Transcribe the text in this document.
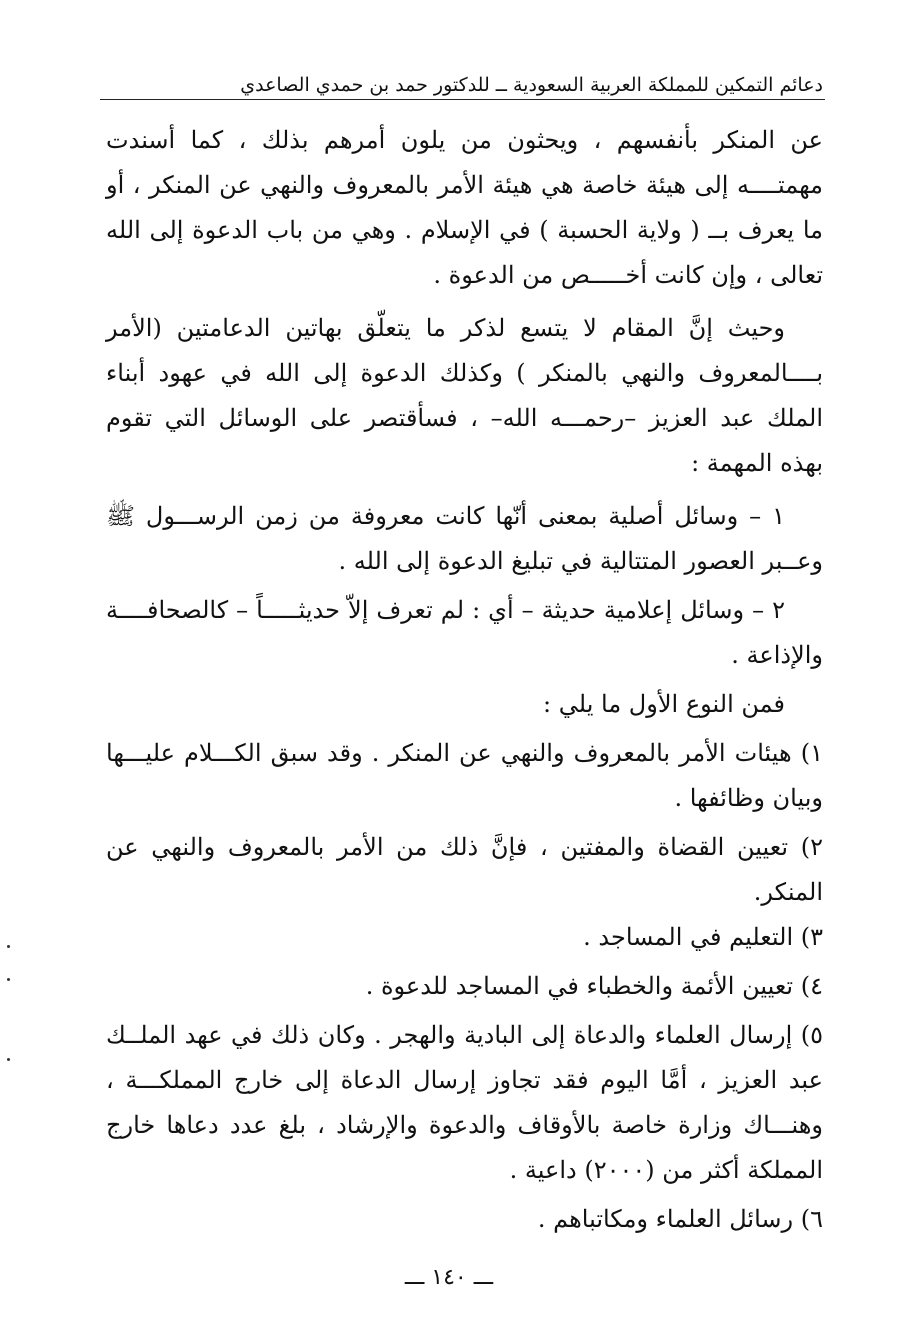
دعائم التمكين للمملكة العربية السعودية ــ للدكتور حمد بن حمدي الصاعدي

عن المنكر بأنفسهم ، ويحثون من يلون أمرهم بذلك ، كما أسندت مهمتــــه إلى هيئة خاصة هي هيئة الأمر بالمعروف والنهي عن المنكر ، أو ما يعرف بــ ( ولاية الحسبة ) في الإسلام . وهي من باب الدعوة إلى الله تعالى ، وإن كانت أخـــــص من الدعوة .

وحيث إنَّ المقام لا يتسع لذكر ما يتعلّق بهاتين الدعامتين (الأمر بــــالمعروف والنهي بالمنكر ) وكذلك الدعوة إلى الله في عهود أبناء الملك عبد العزيز –رحمـــه الله– ، فسأقتصر على الوسائل التي تقوم بهذه المهمة :

١ – وسائل أصلية بمعنى أنّها كانت معروفة من زمن الرســـول ﷺ وعــبر العصور المتتالية في تبليغ الدعوة إلى الله .

٢ – وسائل إعلامية حديثة – أي : لم تعرف إلاّ حديثـــــاً – كالصحافــــة والإذاعة .

فمن النوع الأول ما يلي :

١) هيئات الأمر بالمعروف والنهي عن المنكر . وقد سبق الكـــلام عليـــها وبيان وظائفها .

٢) تعيين القضاة والمفتين ، فإنَّ ذلك من الأمر بالمعروف والنهي عن المنكر.

٣) التعليم في المساجد .

٤) تعيين الأئمة والخطباء في المساجد للدعوة .

٥) إرسال العلماء والدعاة إلى البادية والهجر . وكان ذلك في عهد الملــك عبد العزيز ، أمَّا اليوم فقد تجاوز إرسال الدعاة إلى خارج المملكـــة ، وهنـــاك وزارة خاصة بالأوقاف والدعوة والإرشاد ، بلغ عدد دعاها خارج المملكة أكثر من (٢٠٠٠) داعية .

٦) رسائل العلماء ومكاتباهم .

ـــ ١٤٠ ـــ
